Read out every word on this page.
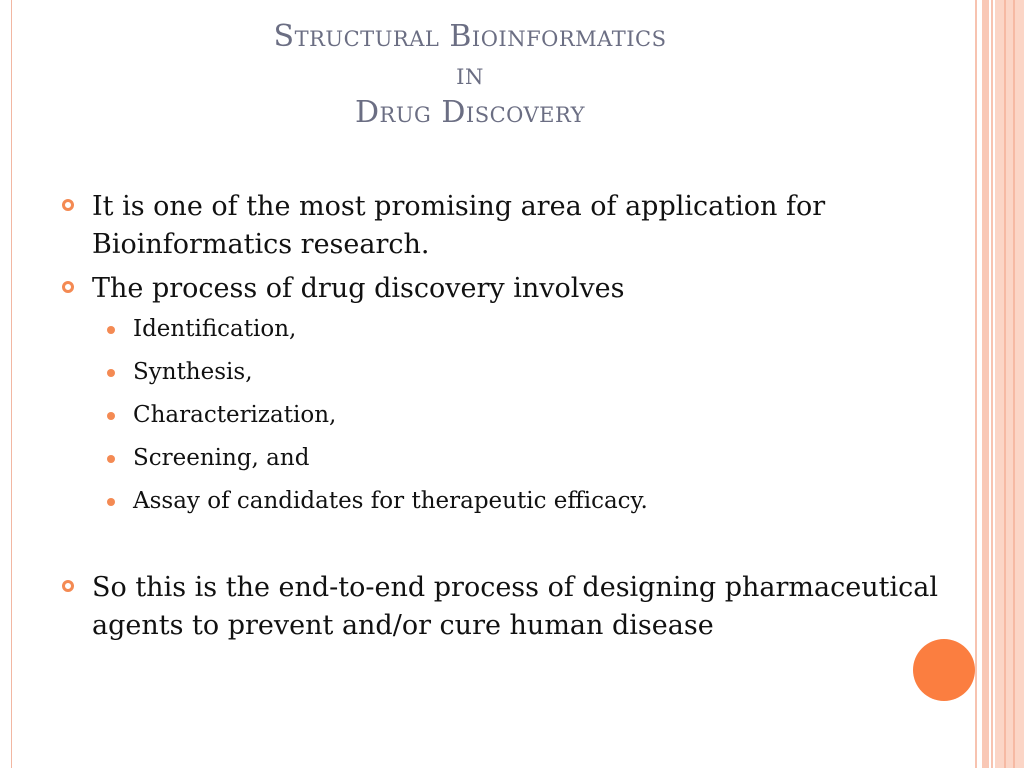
Structural Bioinformatics
in
Drug Discovery
It is one of the most promising area of application for Bioinformatics research.
The process of drug discovery involves
Identification,
Synthesis,
Characterization,
Screening, and
Assay of candidates for therapeutic efficacy.
So this is the end-to-end process of designing pharmaceutical agents to prevent and/or cure human disease
